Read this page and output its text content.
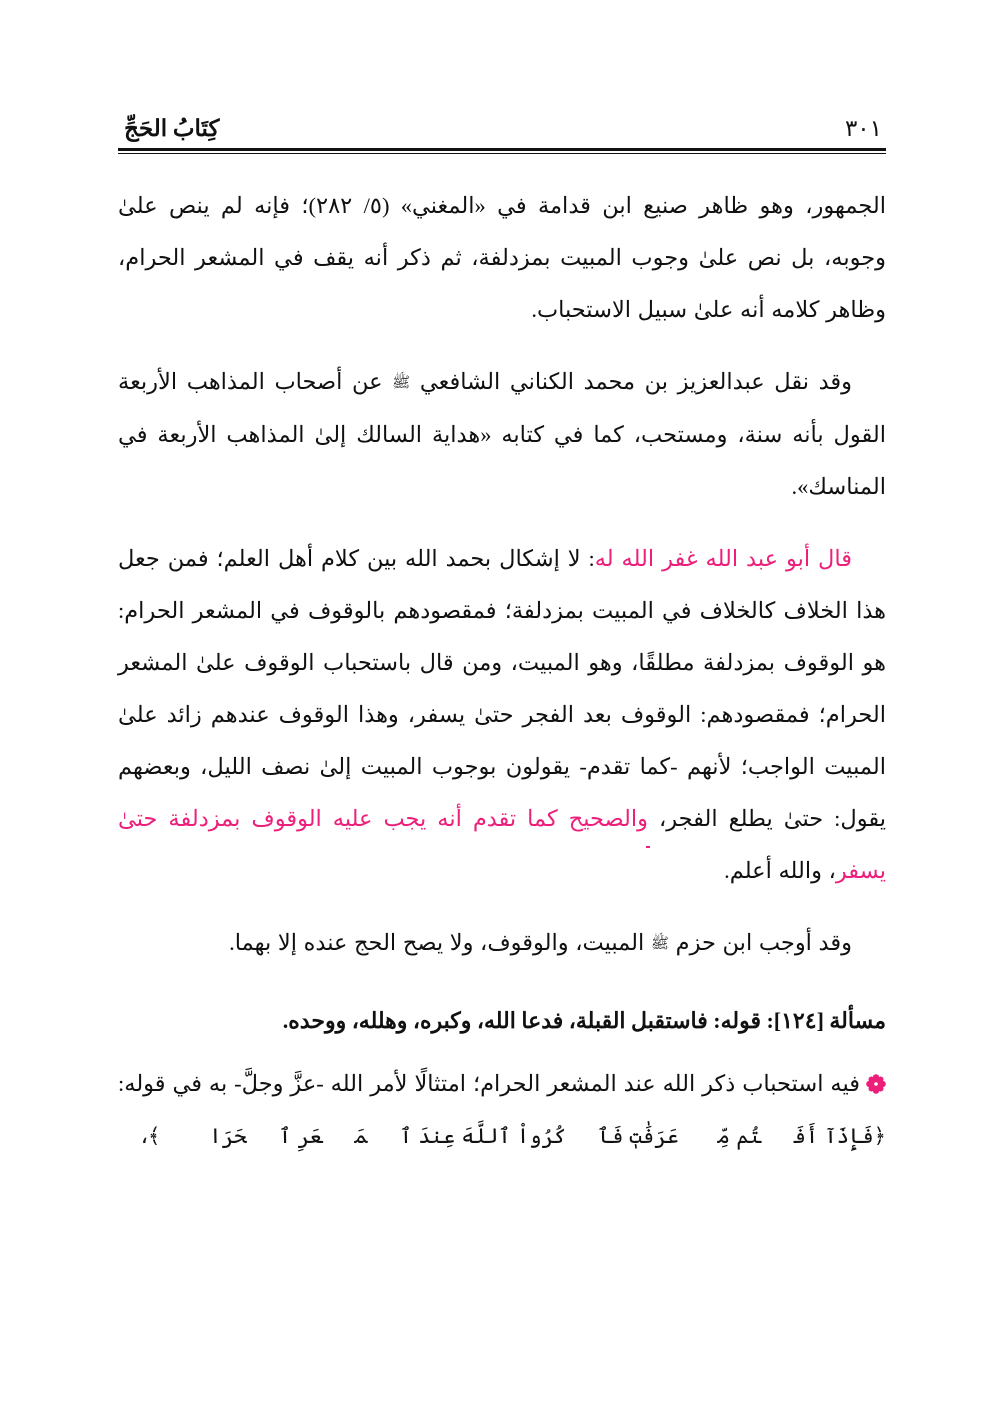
كِتَابُ الحَجِّ	٣٠١

الجمهور، وهو ظاهر صنيع ابن قدامة في «المغني» (٥/ ٢٨٢)؛ فإنه لم ينص علىٰ وجوبه، بل نص علىٰ وجوب المبيت بمزدلفة، ثم ذكر أنه يقف في المشعر الحرام، وظاهر كلامه أنه علىٰ سبيل الاستحباب.

وقد نقل عبدالعزيز بن محمد الكناني الشافعي ﷺ عن أصحاب المذاهب الأربعة القول بأنه سنة، ومستحب، كما في كتابه «هداية السالك إلىٰ المذاهب الأربعة في المناسك».

قال أبو عبد الله غفر الله له: لا إشكال بحمد الله بين كلام أهل العلم؛ فمن جعل هذا الخلاف كالخلاف في المبيت بمزدلفة؛ فمقصودهم بالوقوف في المشعر الحرام: هو الوقوف بمزدلفة مطلقًا، وهو المبيت، ومن قال باستحباب الوقوف علىٰ المشعر الحرام؛ فمقصودهم: الوقوف بعد الفجر حتىٰ يسفر، وهذا الوقوف عندهم زائد علىٰ المبيت الواجب؛ لأنهم -كما تقدم- يقولون بوجوب المبيت إلىٰ نصف الليل، وبعضهم يقول: حتىٰ يطلع الفجر، والصحيح كما تقدم أنه يجب عليه الوقوف بمزدلفة حتىٰ يسفر، والله أعلم.

وقد أوجب ابن حزم ﷺ المبيت، والوقوف، ولا يصح الحج عنده إلا بهما.

مسألة [١٢٤]: قوله: فاستقبل القبلة، فدعا الله، وكبره، وهلله، ووحده.

فيه استحباب ذكر الله عند المشعر الحرام؛ امتثالًا لأمر الله -عزَّ وجلَّ- به في قوله: ﴿فَإِذَآ أَفَضۡتُم مِّنۡ عَرَفَٰتٖ فَٱذۡكُرُواْ ٱللَّهَ عِندَ ٱلۡمَشۡعَرِ ٱلۡحَرَامِۖ﴾،
